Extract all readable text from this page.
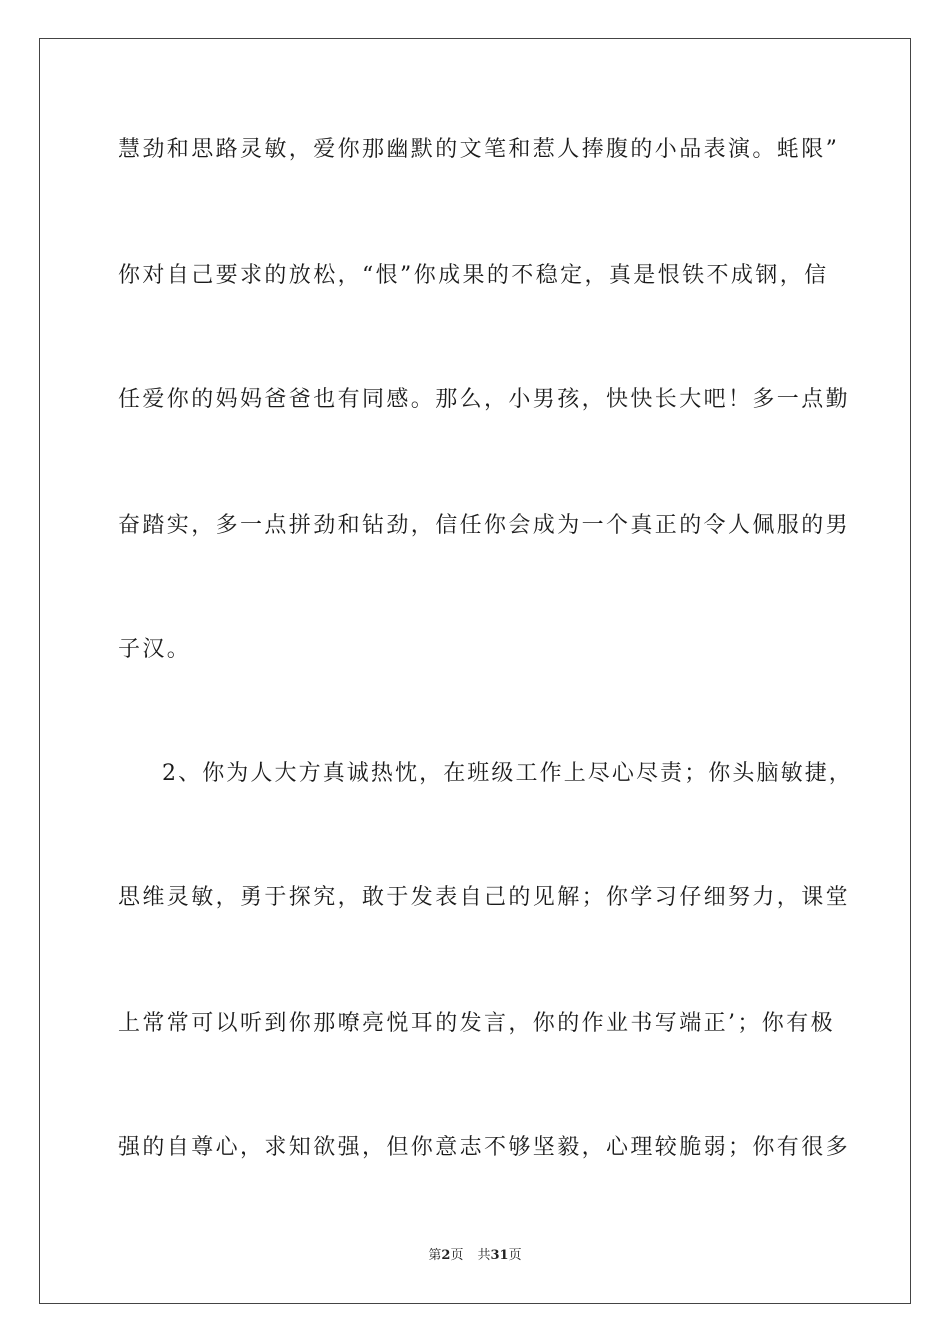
慧劲和思路灵敏，爱你那幽默的文笔和惹人捧腹的小品表演。蚝限”
你对自己要求的放松，“恨”你成果的不稳定，真是恨铁不成钢，信
任爱你的妈妈爸爸也有同感。那么，小男孩，快快长大吧！多一点勤
奋踏实，多一点拼劲和钻劲，信任你会成为一个真正的令人佩服的男
子汉。
2、你为人大方真诚热忱，在班级工作上尽心尽责；你头脑敏捷，
思维灵敏，勇于探究，敢于发表自己的见解；你学习仔细努力，课堂
上常常可以听到你那嘹亮悦耳的发言，你的作业书写端正’；你有极
强的自尊心，求知欲强，但你意志不够坚毅，心理较脆弱；你有很多
第2页 共31页
